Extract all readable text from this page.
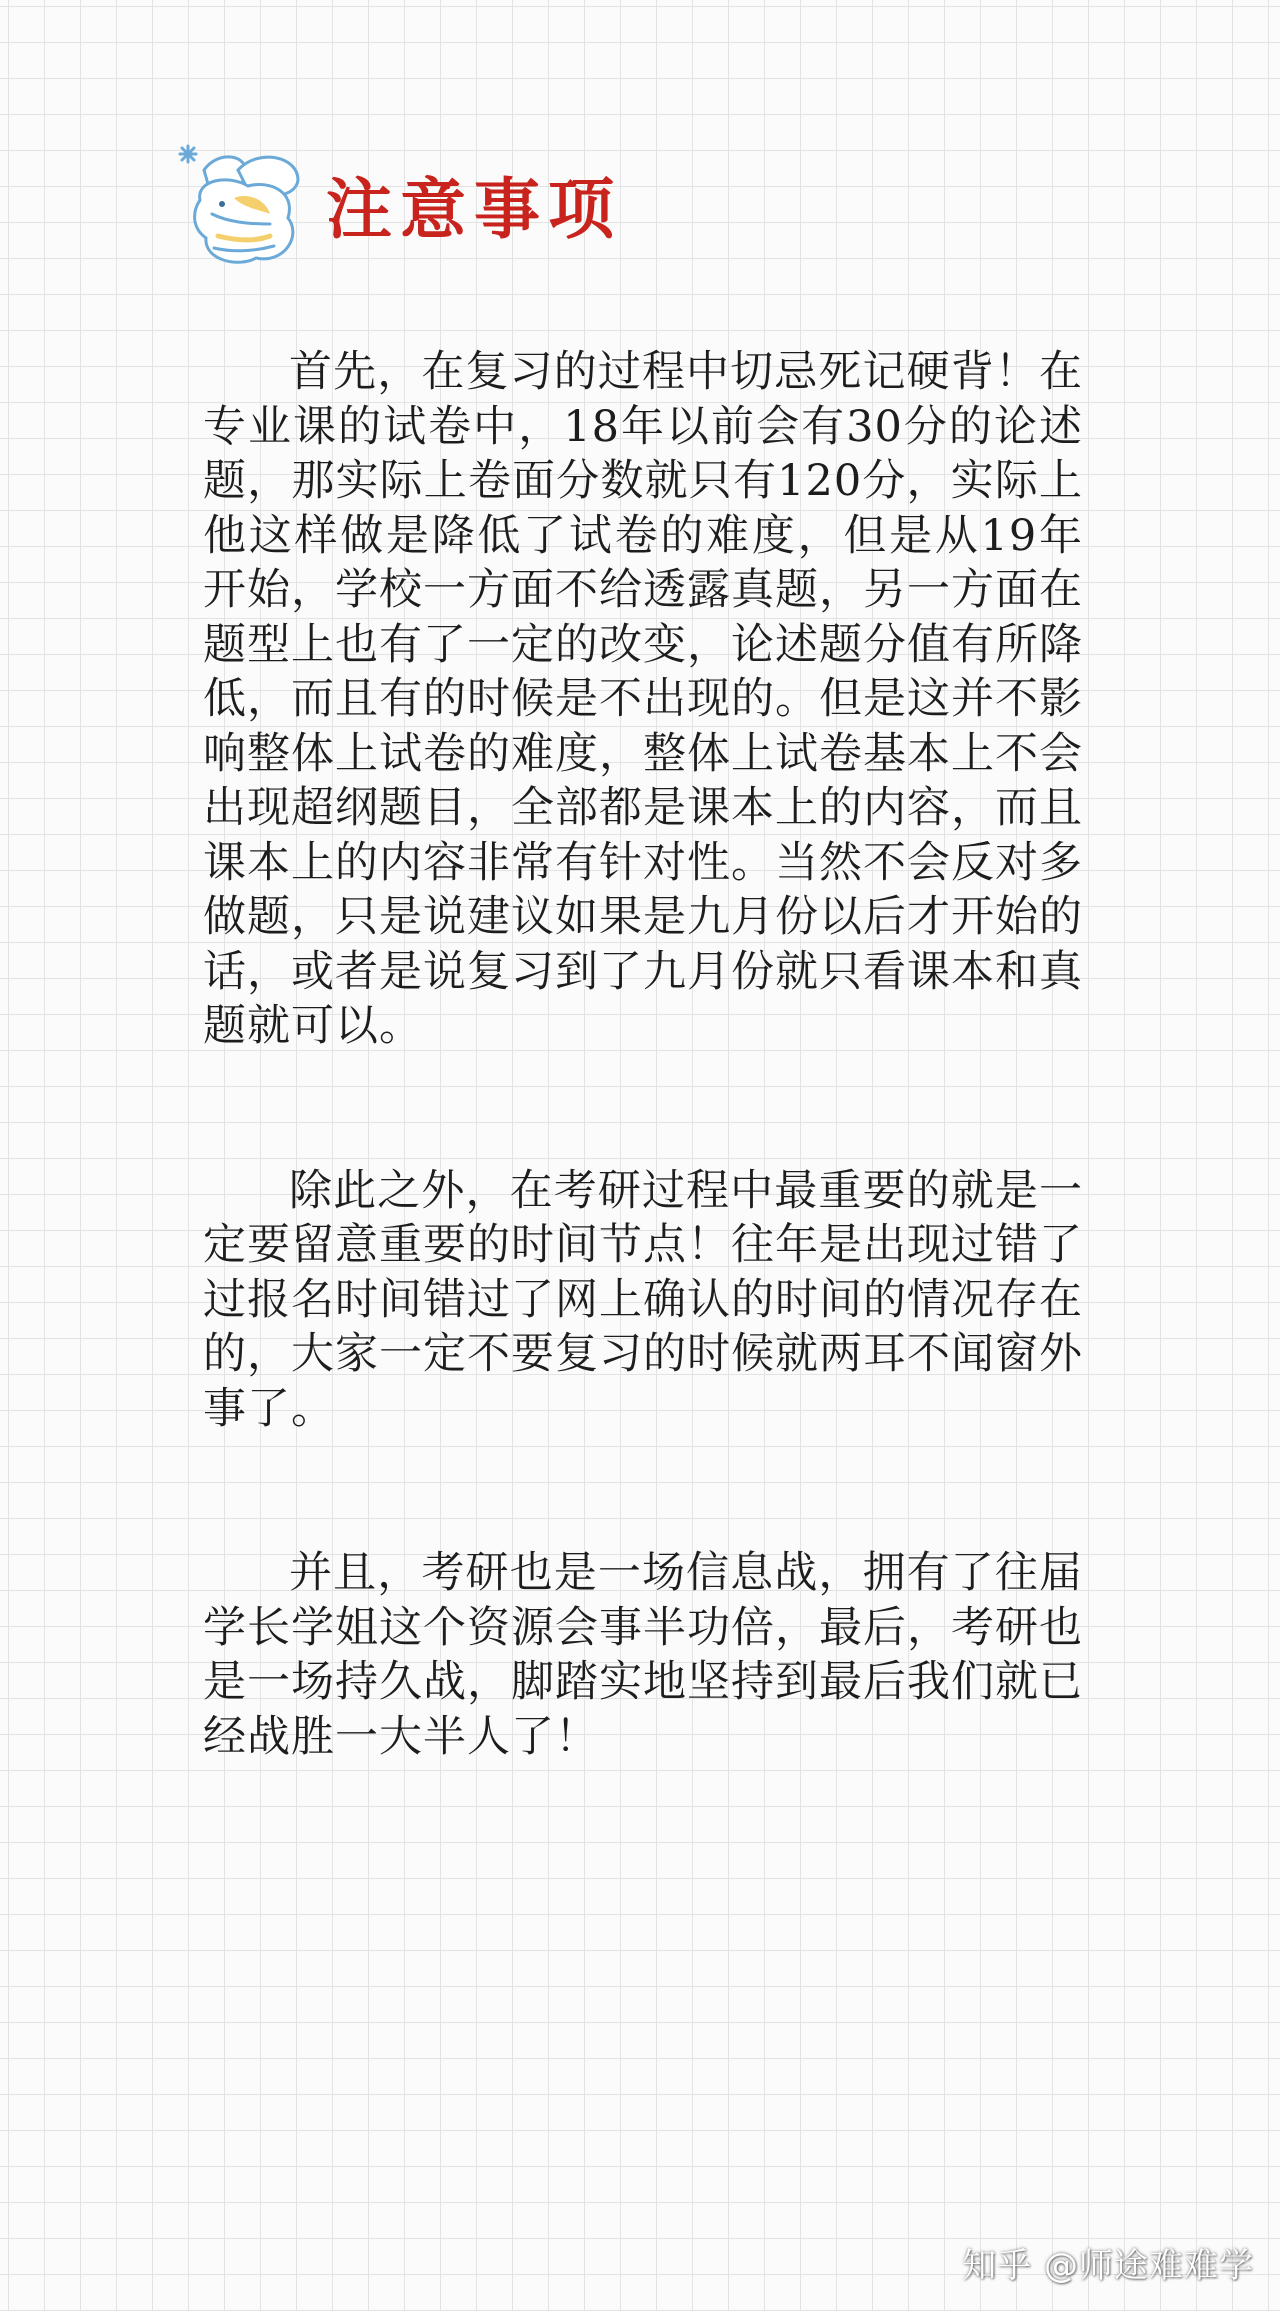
注意事项

首先，在复习的过程中切忌死记硬背！在专业课的试卷中，18年以前会有30分的论述题，那实际上卷面分数就只有120分，实际上他这样做是降低了试卷的难度，但是从19年开始，学校一方面不给透露真题，另一方面在题型上也有了一定的改变，论述题分值有所降低，而且有的时候是不出现的。但是这并不影响整体上试卷的难度，整体上试卷基本上不会出现超纲题目，全部都是课本上的内容，而且课本上的内容非常有针对性。当然不会反对多做题，只是说建议如果是九月份以后才开始的话，或者是说复习到了九月份就只看课本和真题就可以。

除此之外，在考研过程中最重要的就是一定要留意重要的时间节点！往年是出现过错了过报名时间错过了网上确认的时间的情况存在的，大家一定不要复习的时候就两耳不闻窗外事了。

并且，考研也是一场信息战，拥有了往届学长学姐这个资源会事半功倍，最后，考研也是一场持久战，脚踏实地坚持到最后我们就已经战胜一大半人了！

知乎 @师途难难学
